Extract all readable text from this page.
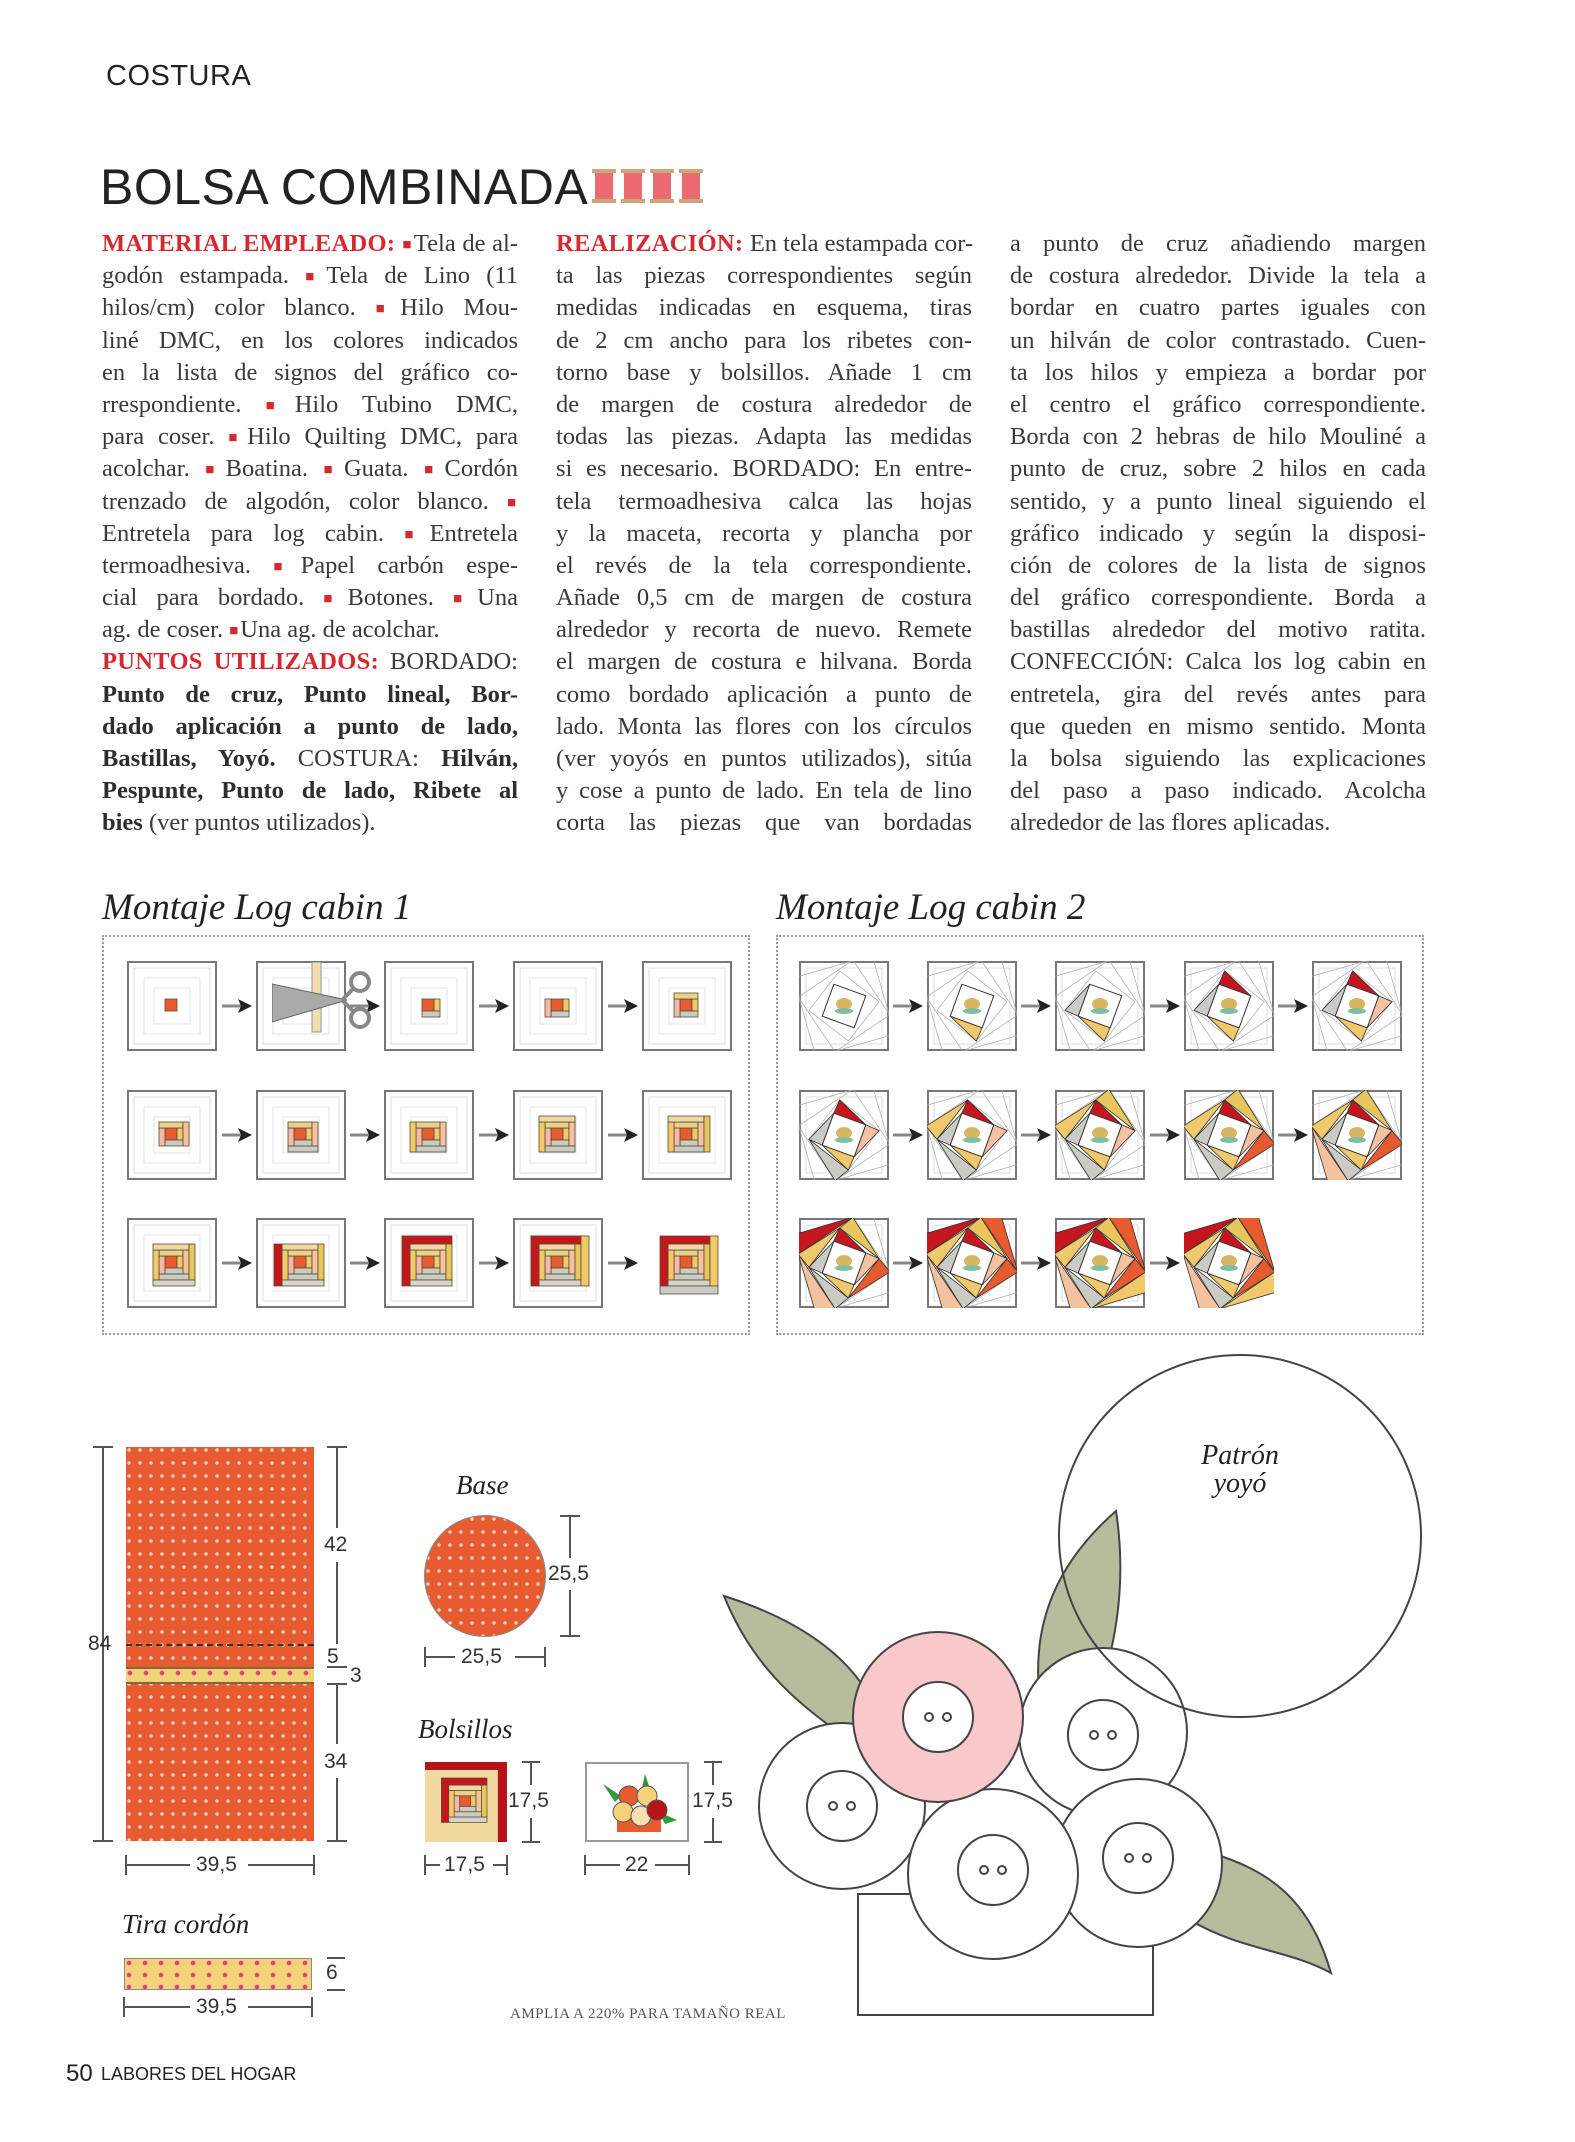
COSTURA
BOLSA COMBINADA
MATERIAL EMPLEADO: ■Tela de al-
godón estampada. ■Tela de Lino (11
hilos/cm) color blanco. ■Hilo Mou-
liné DMC, en los colores indicados
en la lista de signos del gráfico co-
rrespondiente. ■Hilo Tubino DMC,
para coser. ■Hilo Quilting DMC, para
acolchar. ■Boatina. ■Guata. ■Cordón
trenzado de algodón, color blanco. ■
Entretela para log cabin. ■Entretela
termoadhesiva. ■Papel carbón espe-
cial para bordado. ■Botones. ■Una
ag. de coser. ■Una ag. de acolchar.
PUNTOS UTILIZADOS: BORDADO:
Punto de cruz, Punto lineal, Bor-
dado aplicación a punto de lado,
Bastillas, Yoyó. COSTURA: Hilván,
Pespunte, Punto de lado, Ribete al
bies (ver puntos utilizados).
REALIZACIÓN: En tela estampada cor-
ta las piezas correspondientes según
medidas indicadas en esquema, tiras
de 2 cm ancho para los ribetes con-
torno base y bolsillos. Añade 1 cm
de margen de costura alrededor de
todas las piezas. Adapta las medidas
si es necesario. BORDADO: En entre-
tela termoadhesiva calca las hojas
y la maceta, recorta y plancha por
el revés de la tela correspondiente.
Añade 0,5 cm de margen de costura
alrededor y recorta de nuevo. Remete
el margen de costura e hilvana. Borda
como bordado aplicación a punto de
lado. Monta las flores con los círculos
(ver yoyós en puntos utilizados), sitúa
y cose a punto de lado. En tela de lino
corta las piezas que van bordadas
a punto de cruz añadiendo margen
de costura alrededor. Divide la tela a
bordar en cuatro partes iguales con
un hilván de color contrastado. Cuen-
ta los hilos y empieza a bordar por
el centro el gráfico correspondiente.
Borda con 2 hebras de hilo Mouliné a
punto de cruz, sobre 2 hilos en cada
sentido, y a punto lineal siguiendo el
gráfico indicado y según la disposi-
ción de colores de la lista de signos
del gráfico correspondiente. Borda a
bastillas alrededor del motivo ratita.
CONFECCIÓN: Calca los log cabin en
entretela, gira del revés antes para
que queden en mismo sentido. Monta
la bolsa siguiendo las explicaciones
del paso a paso indicado. Acolcha
alrededor de las flores aplicadas.
Montaje Log cabin 1	Montaje Log cabin 2
84
42
5
3
34
39,5
Base
25,5
25,5
Bolsillos
17,5	17,5
17,5	22
Tira cordón
6
39,5
Patrón
yoyó
AMPLIA A 220% PARA TAMAÑO REAL
50 LABORES DEL HOGAR
